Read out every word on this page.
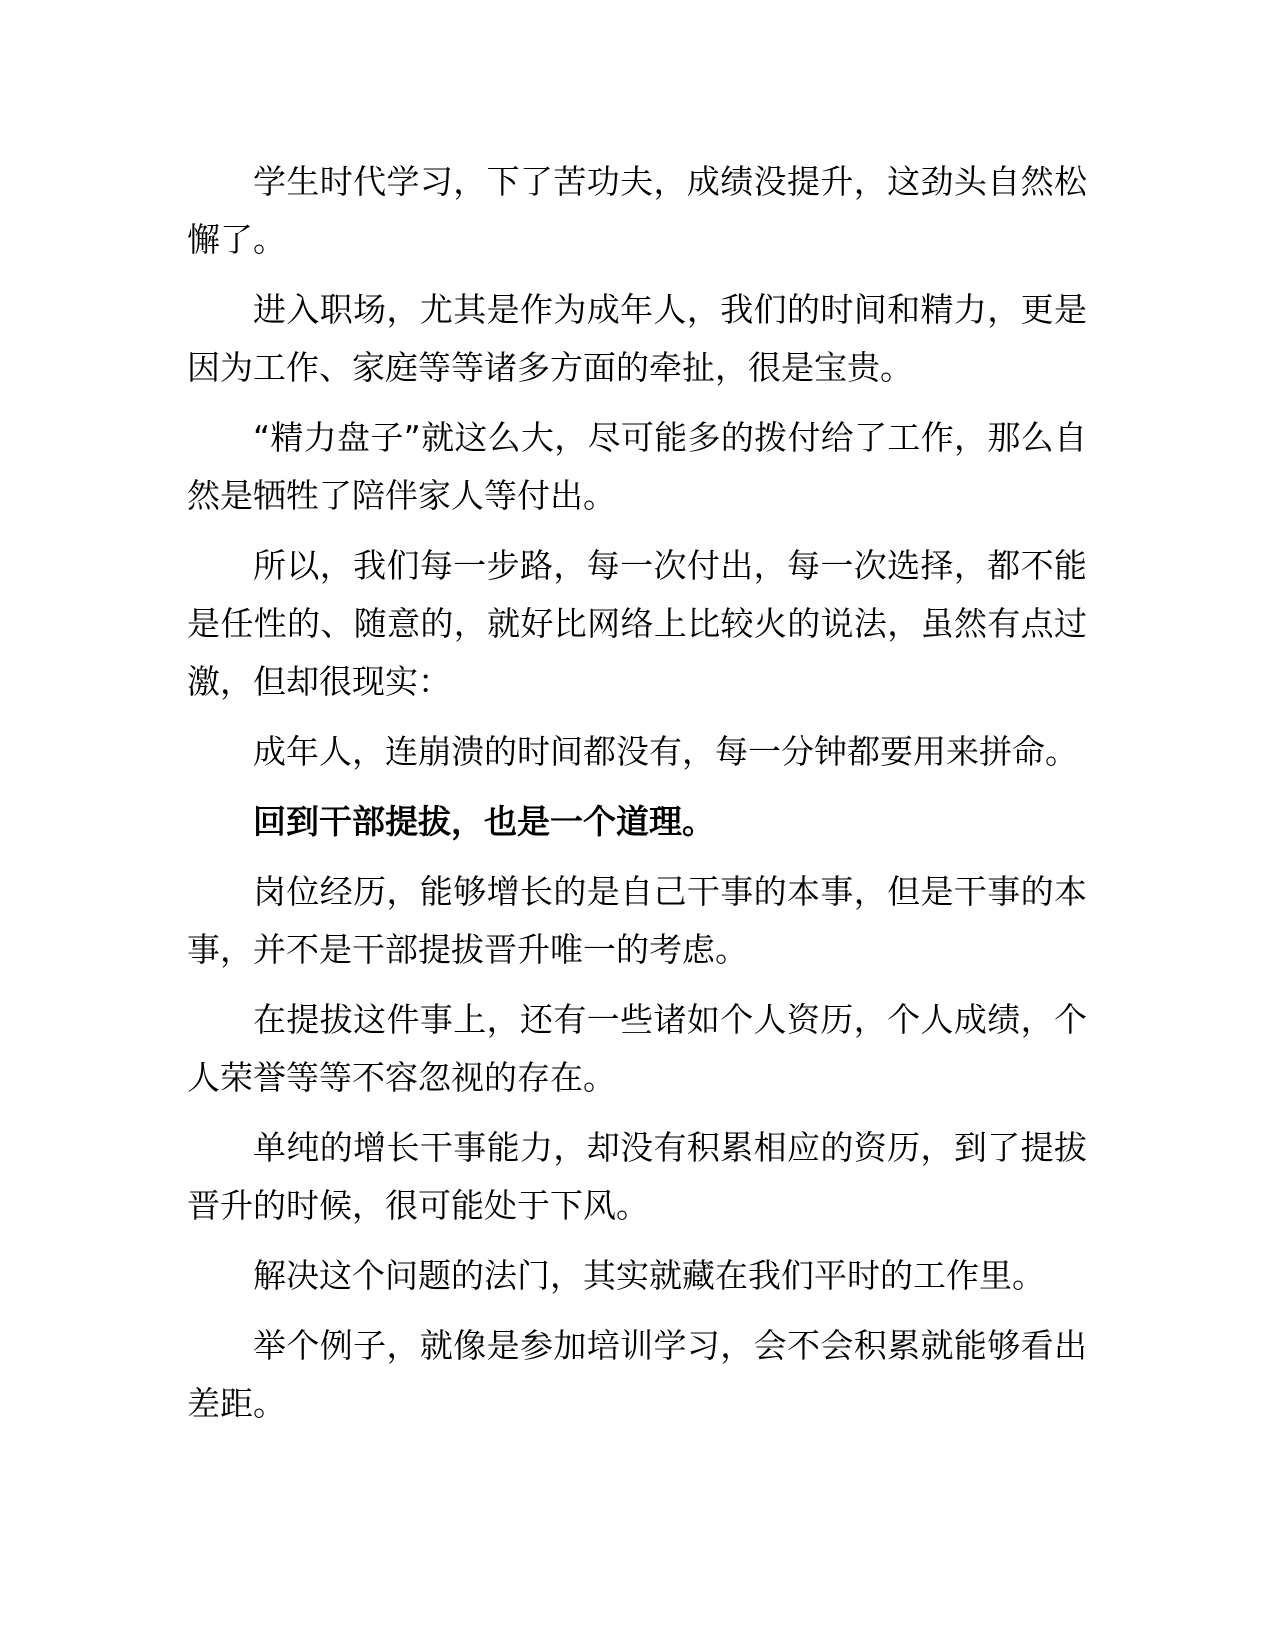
学生时代学习，下了苦功夫，成绩没提升，这劲头自然松懈了。

进入职场，尤其是作为成年人，我们的时间和精力，更是因为工作、家庭等等诸多方面的牵扯，很是宝贵。

“精力盘子”就这么大，尽可能多的拨付给了工作，那么自然是牺牲了陪伴家人等付出。

所以，我们每一步路，每一次付出，每一次选择，都不能是任性的、随意的，就好比网络上比较火的说法，虽然有点过激，但却很现实：

成年人，连崩溃的时间都没有，每一分钟都要用来拼命。

回到干部提拔，也是一个道理。

岗位经历，能够增长的是自己干事的本事，但是干事的本事，并不是干部提拔晋升唯一的考虑。

在提拔这件事上，还有一些诸如个人资历，个人成绩，个人荣誉等等不容忽视的存在。

单纯的增长干事能力，却没有积累相应的资历，到了提拔晋升的时候，很可能处于下风。

解决这个问题的法门，其实就藏在我们平时的工作里。

举个例子，就像是参加培训学习，会不会积累就能够看出差距。
